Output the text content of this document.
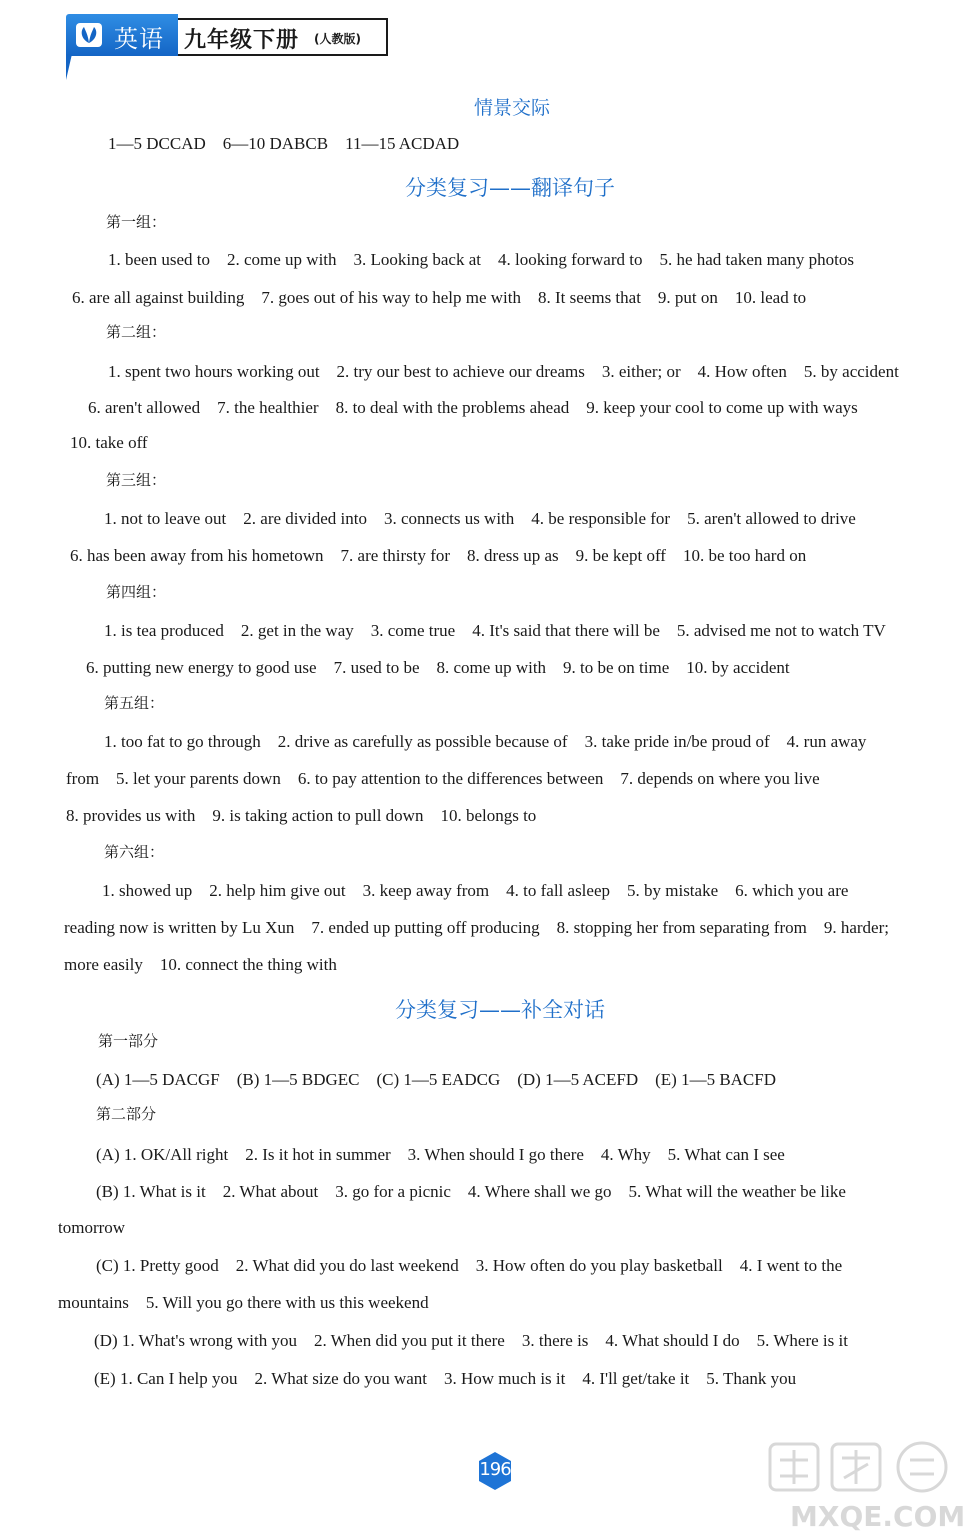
英语 九年级下册 (人教版)
情景交际
1—5 DCCAD　6—10 DABCB　11—15 ACDAD
分类复习——翻译句子
第一组：
1. been used to　2. come up with　3. Looking back at　4. looking forward to　5. he had taken many photos
6. are all against building　7. goes out of his way to help me with　8. It seems that　9. put on　10. lead to
第二组：
1. spent two hours working out　2. try our best to achieve our dreams　3. either; or　4. How often　5. by accident
6. aren't allowed　7. the healthier　8. to deal with the problems ahead　9. keep your cool to come up with ways
10. take off
第三组：
1. not to leave out　2. are divided into　3. connects us with　4. be responsible for　5. aren't allowed to drive
6. has been away from his hometown　7. are thirsty for　8. dress up as　9. be kept off　10. be too hard on
第四组：
1. is tea produced　2. get in the way　3. come true　4. It's said that there will be　5. advised me not to watch TV
6. putting new energy to good use　7. used to be　8. come up with　9. to be on time　10. by accident
第五组：
1. too fat to go through　2. drive as carefully as possible because of　3. take pride in/be proud of　4. run away
from　5. let your parents down　6. to pay attention to the differences between　7. depends on where you live
8. provides us with　9. is taking action to pull down　10. belongs to
第六组：
1. showed up　2. help him give out　3. keep away from　4. to fall asleep　5. by mistake　6. which you are
reading now is written by Lu Xun　7. ended up putting off producing　8. stopping her from separating from　9. harder;
more easily　10. connect the thing with
分类复习——补全对话
第一部分
(A) 1—5 DACGF　(B) 1—5 BDGEC　(C) 1—5 EADCG　(D) 1—5 ACEFD　(E) 1—5 BACFD
第二部分
(A) 1. OK/All right　2. Is it hot in summer　3. When should I go there　4. Why　5. What can I see
(B) 1. What is it　2. What about　3. go for a picnic　4. Where shall we go　5. What will the weather be like
tomorrow
(C) 1. Pretty good　2. What did you do last weekend　3. How often do you play basketball　4. I went to the
mountains　5. Will you go there with us this weekend
(D) 1. What's wrong with you　2. When did you put it there　3. there is　4. What should I do　5. Where is it
(E) 1. Can I help you　2. What size do you want　3. How much is it　4. I'll get/take it　5. Thank you
196
MXQE.COM
